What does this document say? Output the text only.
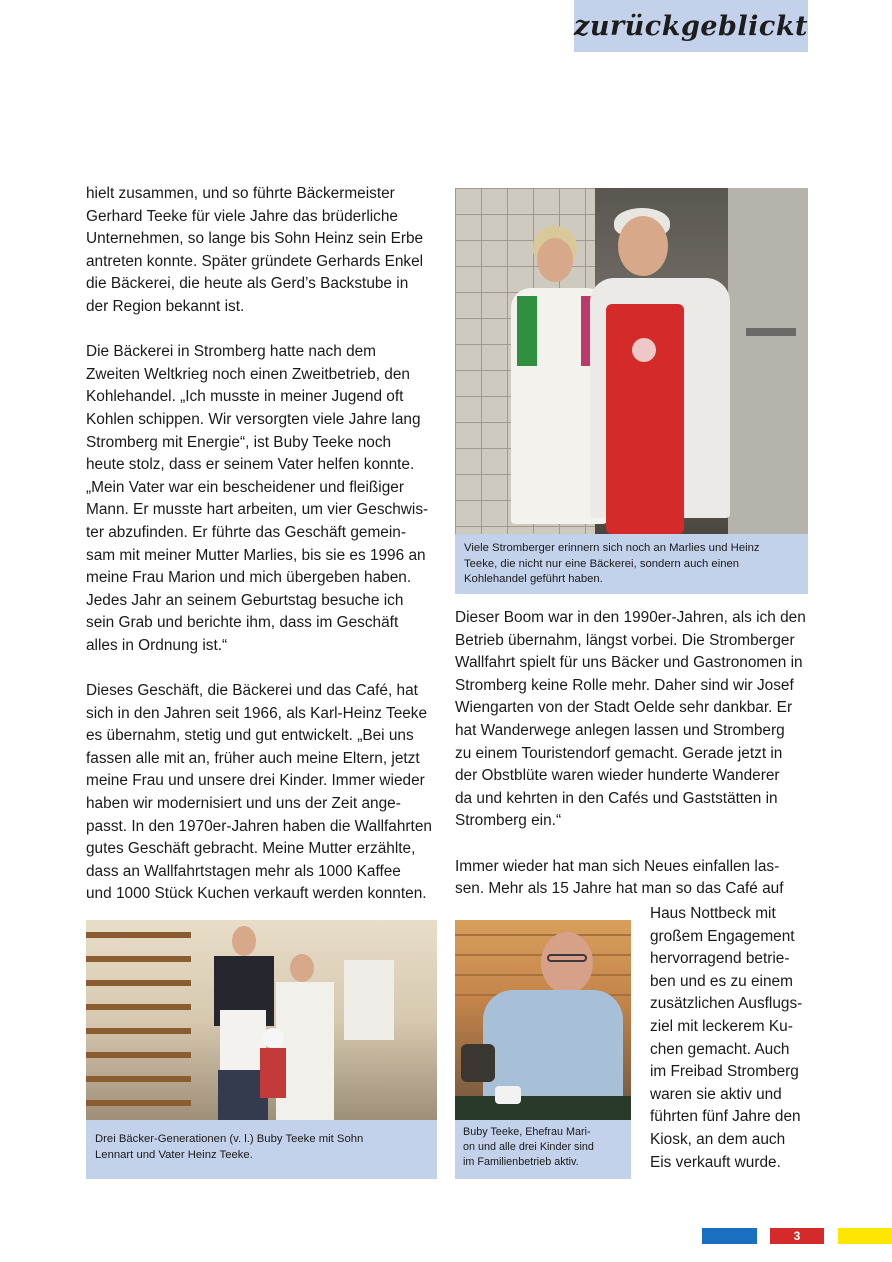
zurückgeblickt

hielt zusammen, und so führte Bäckermeister
Gerhard Teeke für viele Jahre das brüderliche
Unternehmen, so lange bis Sohn Heinz sein Erbe
antreten konnte. Später gründete Gerhards Enkel
die Bäckerei, die heute als Gerd’s Backstube in
der Region bekannt ist.

Die Bäckerei in Stromberg hatte nach dem
Zweiten Weltkrieg noch einen Zweitbetrieb, den
Kohlehandel. „Ich musste in meiner Jugend oft
Kohlen schippen. Wir versorgten viele Jahre lang
Stromberg mit Energie“, ist Buby Teeke noch
heute stolz, dass er seinem Vater helfen konnte.
„Mein Vater war ein bescheidener und fleißiger
Mann. Er musste hart arbeiten, um vier Geschwis-
ter abzufinden. Er führte das Geschäft gemein-
sam mit meiner Mutter Marlies, bis sie es 1996 an
meine Frau Marion und mich übergeben haben.
Jedes Jahr an seinem Geburtstag besuche ich
sein Grab und berichte ihm, dass im Geschäft
alles in Ordnung ist.“

Dieses Geschäft, die Bäckerei und das Café, hat
sich in den Jahren seit 1966, als Karl-Heinz Teeke
es übernahm, stetig und gut entwickelt. „Bei uns
fassen alle mit an, früher auch meine Eltern, jetzt
meine Frau und unsere drei Kinder. Immer wieder
haben wir modernisiert und uns der Zeit ange-
passt. In den 1970er-Jahren haben die Wallfahrten
gutes Geschäft gebracht. Meine Mutter erzählte,
dass an Wallfahrtstagen mehr als 1000 Kaffee
und 1000 Stück Kuchen verkauft werden konnten.

Viele Stromberger erinnern sich noch an Marlies und Heinz
Teeke, die nicht nur eine Bäckerei, sondern auch einen
Kohlehandel geführt haben.

Dieser Boom war in den 1990er-Jahren, als ich den
Betrieb übernahm, längst vorbei. Die Stromberger
Wallfahrt spielt für uns Bäcker und Gastronomen in
Stromberg keine Rolle mehr. Daher sind wir Josef
Wiengarten von der Stadt Oelde sehr dankbar. Er
hat Wanderwege anlegen lassen und Stromberg
zu einem Touristendorf gemacht. Gerade jetzt in
der Obstblüte waren wieder hunderte Wanderer
da und kehrten in den Cafés und Gaststätten in
Stromberg ein.“

Immer wieder hat man sich Neues einfallen las-
sen. Mehr als 15 Jahre hat man so das Café auf

Haus Nottbeck mit
großem Engagement
hervorragend betrie-
ben und es zu einem
zusätzlichen Ausflugs-
ziel mit leckerem Ku-
chen gemacht. Auch
im Freibad Stromberg
waren sie aktiv und
führten fünf Jahre den
Kiosk, an dem auch
Eis verkauft wurde.

Drei Bäcker-Generationen (v. l.) Buby Teeke mit Sohn
Lennart und Vater Heinz Teeke.
Buby Teeke, Ehefrau Mari-
on und alle drei Kinder sind
im Familienbetrieb aktiv.
3
